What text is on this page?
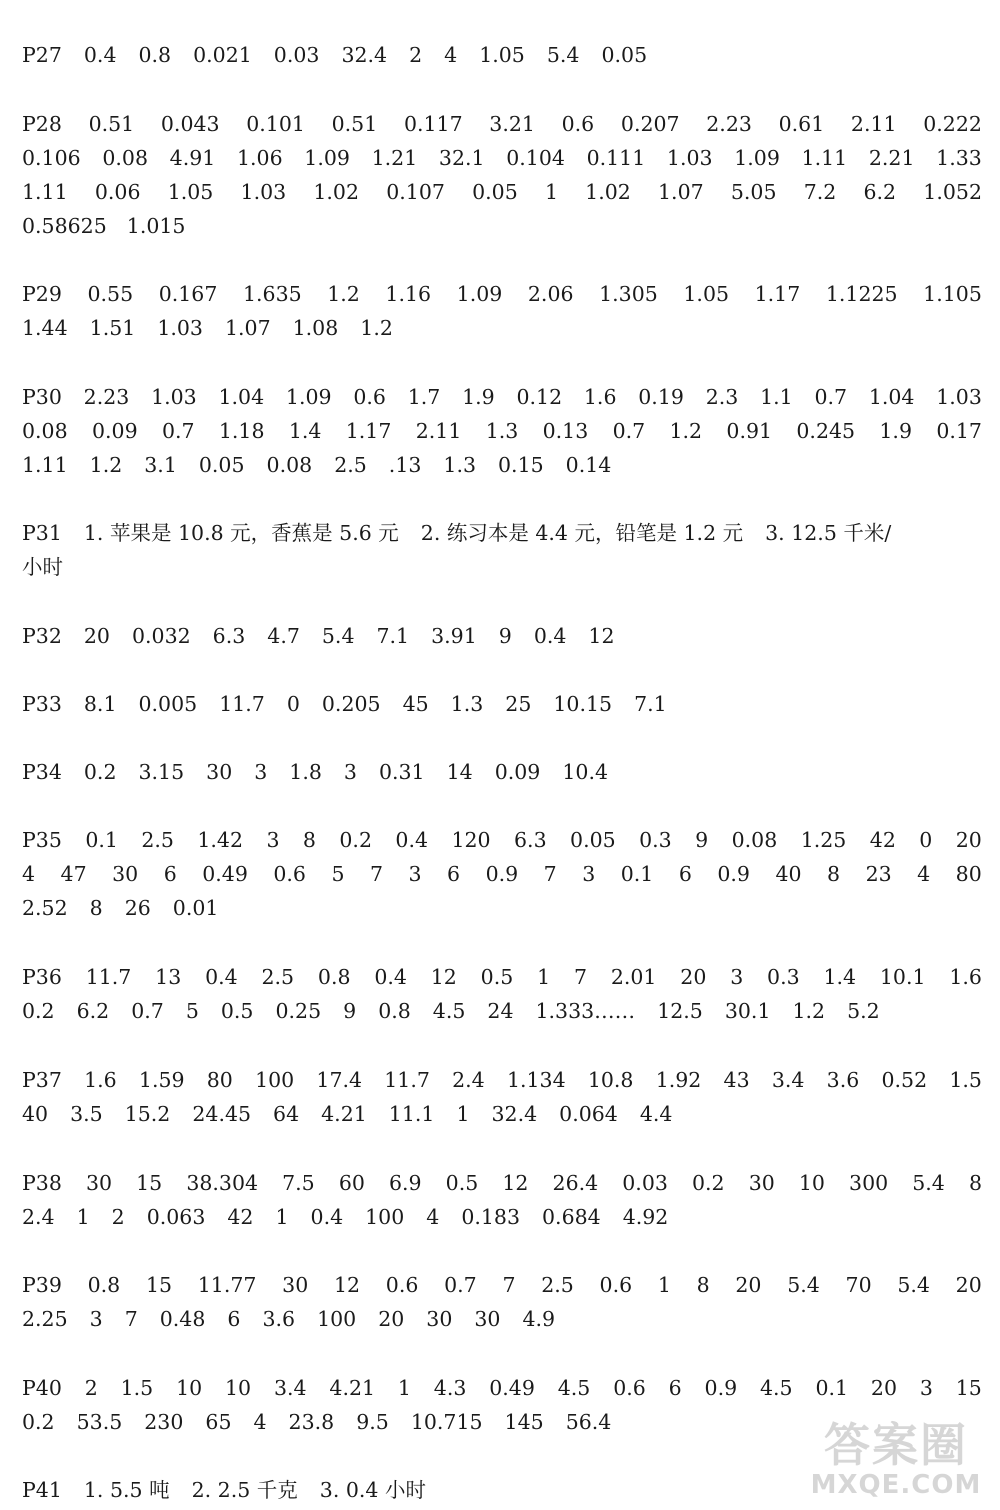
P27 0.4 0.8 0.021 0.03 32.4 2 4 1.05 5.4 0.05
P28 0.51 0.043 0.101 0.51 0.117 3.21 0.6 0.207 2.23 0.61 2.11 0.222
0.106 0.08 4.91 1.06 1.09 1.21 32.1 0.104 0.111 1.03 1.09 1.11 2.21 1.33
1.11 0.06 1.05 1.03 1.02 0.107 0.05 1 1.02 1.07 5.05 7.2 6.2 1.052
0.58625 1.015
P29 0.55 0.167 1.635 1.2 1.16 1.09 2.06 1.305 1.05 1.17 1.1225 1.105
1.44 1.51 1.03 1.07 1.08 1.2
P30 2.23 1.03 1.04 1.09 0.6 1.7 1.9 0.12 1.6 0.19 2.3 1.1 0.7 1.04 1.03
0.08 0.09 0.7 1.18 1.4 1.17 2.11 1.3 0.13 0.7 1.2 0.91 0.245 1.9 0.17
1.11 1.2 3.1 0.05 0.08 2.5 .13 1.3 0.15 0.14
P31 1. 苹果是 10.8 元，香蕉是 5.6 元 2. 练习本是 4.4 元，铅笔是 1.2 元 3. 12.5 千米/
小时
P32 20 0.032 6.3 4.7 5.4 7.1 3.91 9 0.4 12
P33 8.1 0.005 11.7 0 0.205 45 1.3 25 10.15 7.1
P34 0.2 3.15 30 3 1.8 3 0.31 14 0.09 10.4
P35 0.1 2.5 1.42 3 8 0.2 0.4 120 6.3 0.05 0.3 9 0.08 1.25 42 0 20
4 47 30 6 0.49 0.6 5 7 3 6 0.9 7 3 0.1 6 0.9 40 8 23 4 80
2.52 8 26 0.01
P36 11.7 13 0.4 2.5 0.8 0.4 12 0.5 1 7 2.01 20 3 0.3 1.4 10.1 1.6
0.2 6.2 0.7 5 0.5 0.25 9 0.8 4.5 24 1.333…… 12.5 30.1 1.2 5.2
P37 1.6 1.59 80 100 17.4 11.7 2.4 1.134 10.8 1.92 43 3.4 3.6 0.52 1.5
40 3.5 15.2 24.45 64 4.21 11.1 1 32.4 0.064 4.4
P38 30 15 38.304 7.5 60 6.9 0.5 12 26.4 0.03 0.2 30 10 300 5.4 8
2.4 1 2 0.063 42 1 0.4 100 4 0.183 0.684 4.92
P39 0.8 15 11.77 30 12 0.6 0.7 7 2.5 0.6 1 8 20 5.4 70 5.4 20
2.25 3 7 0.48 6 3.6 100 20 30 30 4.9
P40 2 1.5 10 10 3.4 4.21 1 4.3 0.49 4.5 0.6 6 0.9 4.5 0.1 20 3 15
0.2 53.5 230 65 4 23.8 9.5 10.715 145 56.4
P41 1. 5.5 吨 2. 2.5 千克 3. 0.4 小时
答案圈
MXQE.COM
